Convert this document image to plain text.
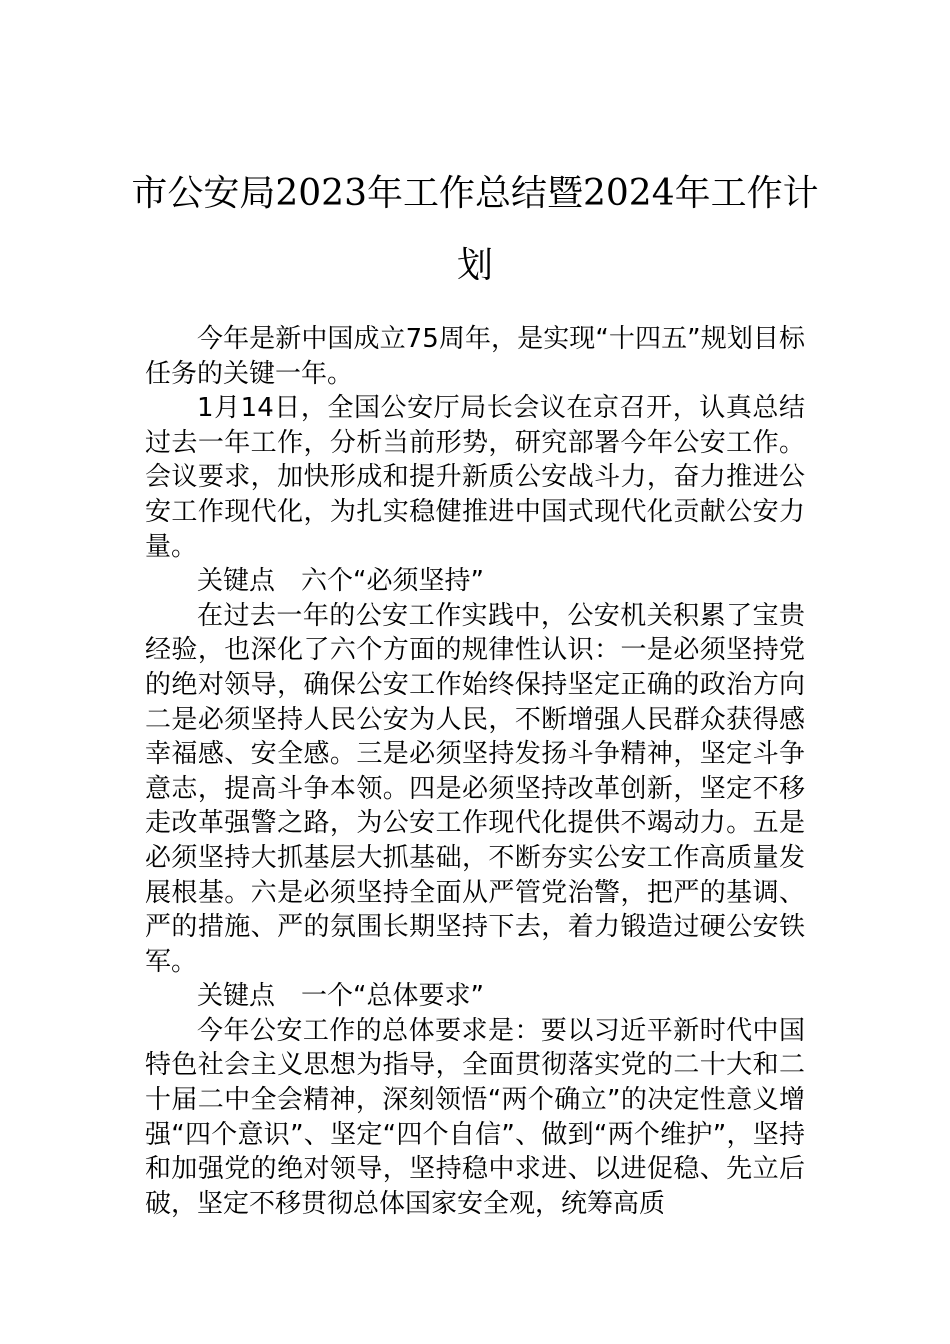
市公安局2023年工作总结暨2024年工作计
划

今年是新中国成立75周年，是实现“十四五”规划目标任务的关键一年。

1月14日，全国公安厅局长会议在京召开，认真总结过去一年工作，分析当前形势，研究部署今年公安工作。会议要求，加快形成和提升新质公安战斗力，奋力推进公安工作现代化，为扎实稳健推进中国式现代化贡献公安力量。

关键点　六个“必须坚持”

在过去一年的公安工作实践中，公安机关积累了宝贵经验，也深化了六个方面的规律性认识：一是必须坚持党的绝对领导，确保公安工作始终保持坚定正确的政治方向二是必须坚持人民公安为人民，不断增强人民群众获得感幸福感、安全感。三是必须坚持发扬斗争精神，坚定斗争意志，提高斗争本领。四是必须坚持改革创新，坚定不移走改革强警之路，为公安工作现代化提供不竭动力。五是必须坚持大抓基层大抓基础，不断夯实公安工作高质量发展根基。六是必须坚持全面从严管党治警，把严的基调、严的措施、严的氛围长期坚持下去，着力锻造过硬公安铁军。

关键点　一个“总体要求”

今年公安工作的总体要求是：要以习近平新时代中国特色社会主义思想为指导，全面贯彻落实党的二十大和二十届二中全会精神，深刻领悟“两个确立”的决定性意义增强“四个意识”、坚定“四个自信”、做到“两个维护”，坚持和加强党的绝对领导，坚持稳中求进、以进促稳、先立后破，坚定不移贯彻总体国家安全观，统筹高质
